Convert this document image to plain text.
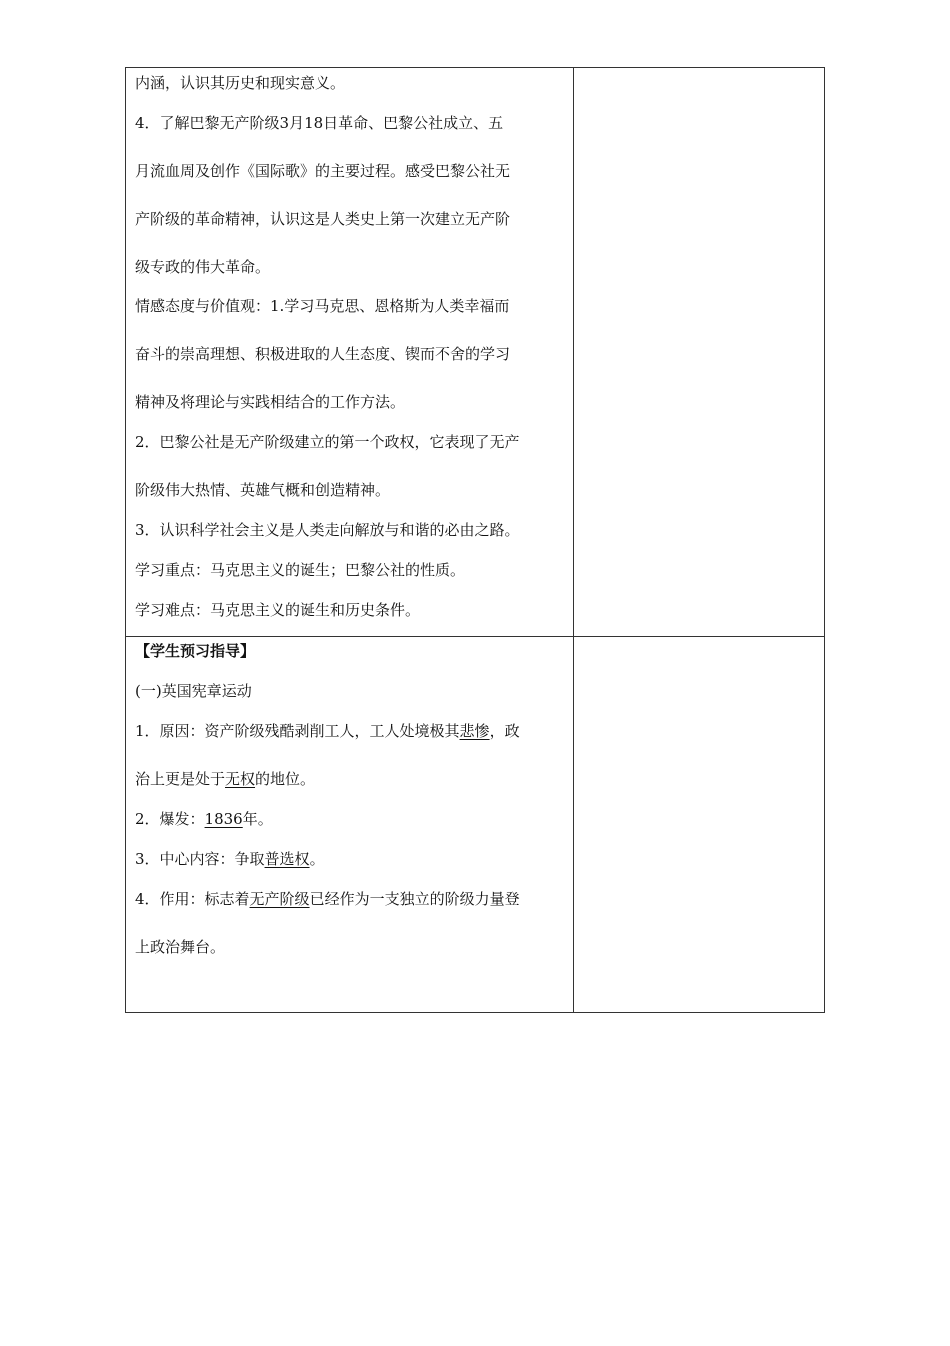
内涵，认识其历史和现实意义。
4．了解巴黎无产阶级3月18日革命、巴黎公社成立、五
月流血周及创作《国际歌》的主要过程。感受巴黎公社无
产阶级的革命精神，认识这是人类史上第一次建立无产阶
级专政的伟大革命。
情感态度与价值观：1.学习马克思、恩格斯为人类幸福而
奋斗的崇高理想、积极进取的人生态度、锲而不舍的学习
精神及将理论与实践相结合的工作方法。
2．巴黎公社是无产阶级建立的第一个政权，它表现了无产
阶级伟大热情、英雄气概和创造精神。
3．认识科学社会主义是人类走向解放与和谐的必由之路。
学习重点：马克思主义的诞生；巴黎公社的性质。
学习难点：马克思主义的诞生和历史条件。
【学生预习指导】
(一)英国宪章运动
1．原因：资产阶级残酷剥削工人，工人处境极其悲惨，政
治上更是处于无权的地位。
2．爆发：1836年。
3．中心内容：争取普选权。
4．作用：标志着无产阶级已经作为一支独立的阶级力量登
上政治舞台。
